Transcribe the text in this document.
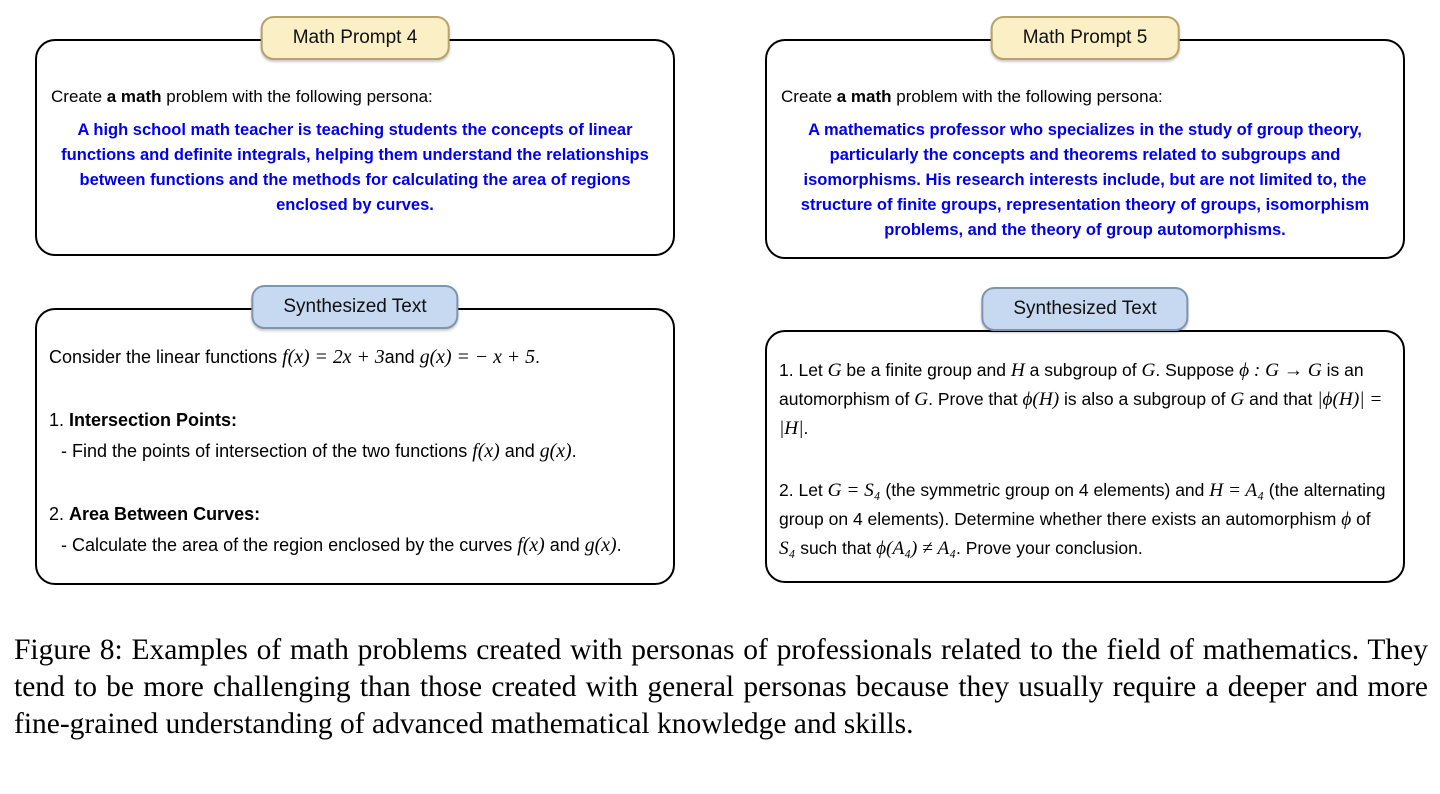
Math Prompt 4

Create a math problem with the following persona:

A high school math teacher is teaching students the concepts of linear functions and definite integrals, helping them understand the relationships between functions and the methods for calculating the area of regions enclosed by curves.

Math Prompt 5

Create a math problem with the following persona:

A mathematics professor who specializes in the study of group theory, particularly the concepts and theorems related to subgroups and isomorphisms. His research interests include, but are not limited to, the structure of finite groups, representation theory of groups, isomorphism problems, and the theory of group automorphisms.

Synthesized Text

Consider the linear functions f(x) = 2x + 3and g(x) = − x + 5.

1. Intersection Points:

- Find the points of intersection of the two functions f(x) and g(x).

2. Area Between Curves:

- Calculate the area of the region enclosed by the curves f(x) and g(x).

Synthesized Text

1. Let G be a finite group and H a subgroup of G. Suppose ϕ : G → G is an automorphism of G. Prove that ϕ(H) is also a subgroup of G and that |ϕ(H)| = |H|.

2. Let G = S₄ (the symmetric group on 4 elements) and H = A₄ (the alternating group on 4 elements). Determine whether there exists an automorphism ϕ of S₄ such that ϕ(A₄) ≠ A₄. Prove your conclusion.

Figure 8: Examples of math problems created with personas of professionals related to the field of mathematics. They tend to be more challenging than those created with general personas because they usually require a deeper and more fine-grained understanding of advanced mathematical knowledge and skills.
